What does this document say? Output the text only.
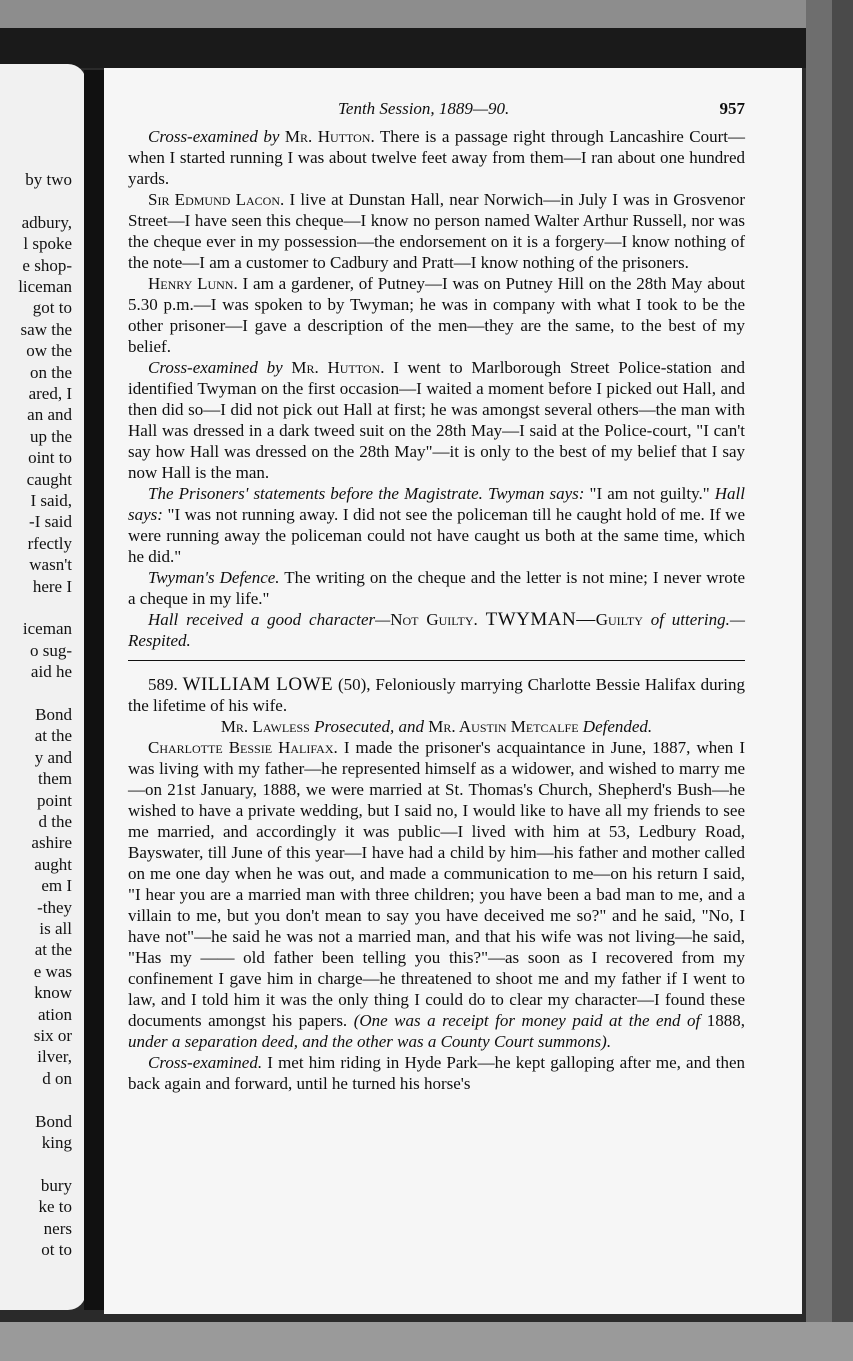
by two
adbury,
l spoke
e shop-
liceman
got to
saw the
ow the
on the
ared, I
an and
up the
oint to
caught
I said,
-I said
rfectly
wasn't
here I
iceman
o sug-
aid he
Bond
at the
y and
them
point
d the
ashire
aught
em I
-they
is all
at the
e was
know
ation
six or
ilver,
d on
Bond
king
bury
ke to
ners
ot to
Tenth Session, 1889—90.	957

Cross-examined by Mr. Hutton. There is a passage right through Lancashire Court—when I started running I was about twelve feet away from them—I ran about one hundred yards.

Sir Edmund Lacon. I live at Dunstan Hall, near Norwich—in July I was in Grosvenor Street—I have seen this cheque—I know no person named Walter Arthur Russell, nor was the cheque ever in my possession—the endorsement on it is a forgery—I know nothing of the note—I am a customer to Cadbury and Pratt—I know nothing of the prisoners.

Henry Lunn. I am a gardener, of Putney—I was on Putney Hill on the 28th May about 5.30 p.m.—I was spoken to by Twyman; he was in company with what I took to be the other prisoner—I gave a description of the men—they are the same, to the best of my belief.

Cross-examined by Mr. Hutton. I went to Marlborough Street Police-station and identified Twyman on the first occasion—I waited a moment before I picked out Hall, and then did so—I did not pick out Hall at first; he was amongst several others—the man with Hall was dressed in a dark tweed suit on the 28th May—I said at the Police-court, "I can't say how Hall was dressed on the 28th May"—it is only to the best of my belief that I say now Hall is the man.

The Prisoners' statements before the Magistrate. Twyman says: "I am not guilty." Hall says: "I was not running away. I did not see the policeman till he caught hold of me. If we were running away the policeman could not have caught us both at the same time, which he did."

Twyman's Defence. The writing on the cheque and the letter is not mine; I never wrote a cheque in my life."

Hall received a good character—Not Guilty. TWYMAN—Guilty of uttering.—Respited.

589. WILLIAM LOWE (50), Feloniously marrying Charlotte Bessie Halifax during the lifetime of his wife.

Mr. Lawless Prosecuted, and Mr. Austin Metcalfe Defended.

Charlotte Bessie Halifax. I made the prisoner's acquaintance in June, 1887, when I was living with my father—he represented himself as a widower, and wished to marry me—on 21st January, 1888, we were married at St. Thomas's Church, Shepherd's Bush—he wished to have a private wedding, but I said no, I would like to have all my friends to see me married, and accordingly it was public—I lived with him at 53, Ledbury Road, Bayswater, till June of this year—I have had a child by him—his father and mother called on me one day when he was out, and made a communication to me—on his return I said, "I hear you are a married man with three children; you have been a bad man to me, and a villain to me, but you don't mean to say you have deceived me so?" and he said, "No, I have not"—he said he was not a married man, and that his wife was not living—he said, "Has my —— old father been telling you this?"—as soon as I recovered from my confinement I gave him in charge—he threatened to shoot me and my father if I went to law, and I told him it was the only thing I could do to clear my character—I found these documents amongst his papers. (One was a receipt for money paid at the end of 1888, under a separation deed, and the other was a County Court summons).

Cross-examined. I met him riding in Hyde Park—he kept galloping after me, and then back again and forward, until he turned his horse's
